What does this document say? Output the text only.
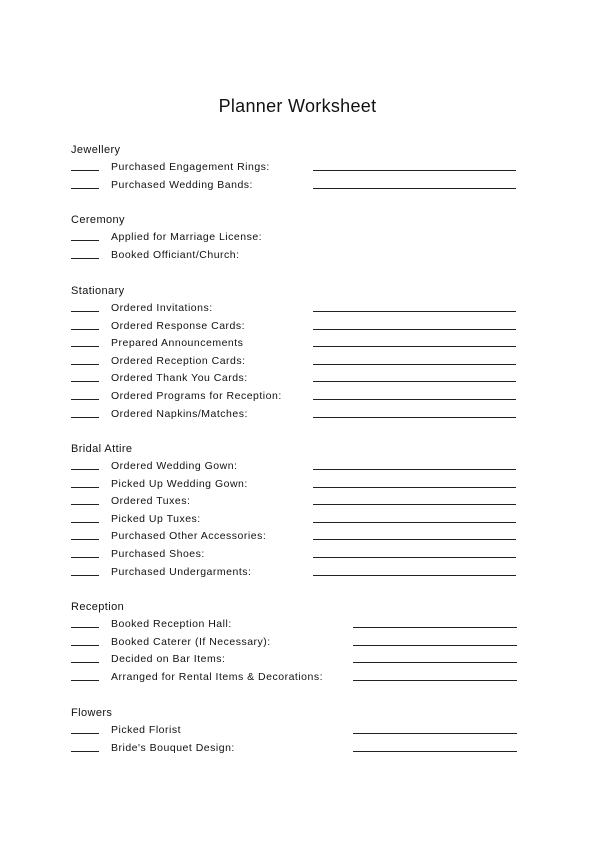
Planner Worksheet
Jewellery
Purchased Engagement Rings:
Purchased Wedding Bands:
Ceremony
Applied for Marriage License:
Booked Officiant/Church:
Stationary
Ordered Invitations:
Ordered Response Cards:
Prepared Announcements
Ordered Reception Cards:
Ordered Thank You Cards:
Ordered Programs for Reception:
Ordered Napkins/Matches:
Bridal Attire
Ordered Wedding Gown:
Picked Up Wedding Gown:
Ordered Tuxes:
Picked Up Tuxes:
Purchased Other Accessories:
Purchased Shoes:
Purchased Undergarments:
Reception
Booked Reception Hall:
Booked Caterer (If Necessary):
Decided on Bar Items:
Arranged for Rental Items & Decorations:
Flowers
Picked Florist
Bride's Bouquet Design:
